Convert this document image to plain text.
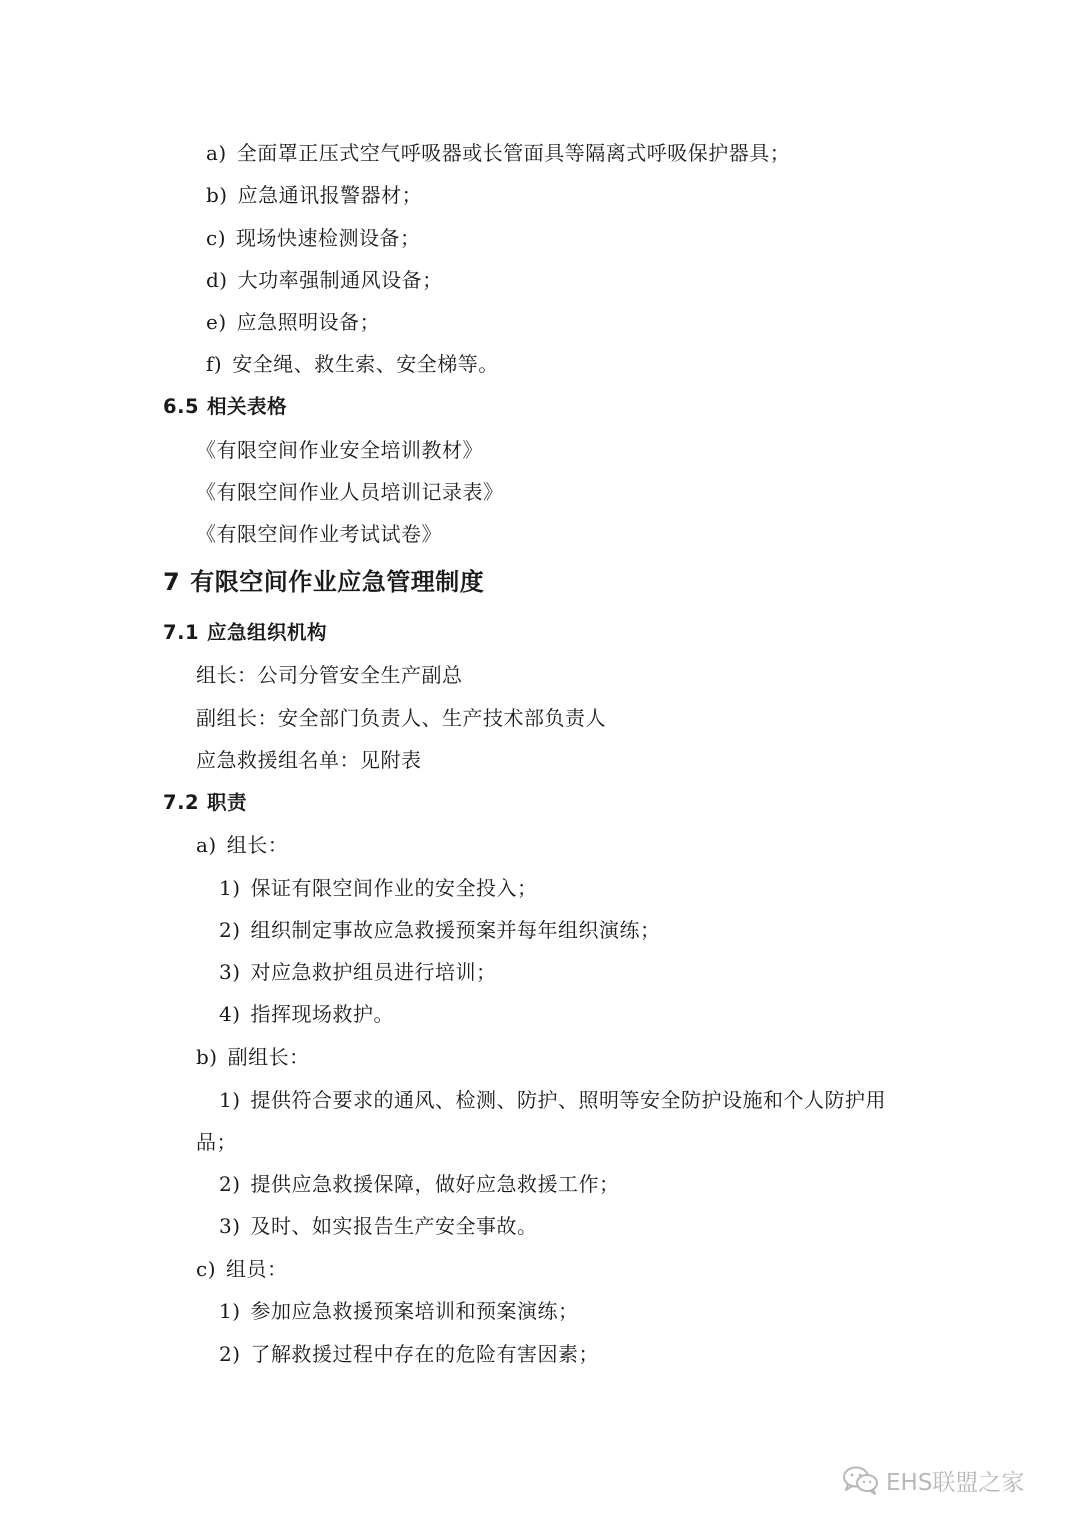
a) 全面罩正压式空气呼吸器或长管面具等隔离式呼吸保护器具；
b) 应急通讯报警器材；
c) 现场快速检测设备；
d) 大功率强制通风设备；
e) 应急照明设备；
f) 安全绳、救生索、安全梯等。
6.5 相关表格
《有限空间作业安全培训教材》
《有限空间作业人员培训记录表》
《有限空间作业考试试卷》
7 有限空间作业应急管理制度
7.1 应急组织机构
组长：公司分管安全生产副总
副组长：安全部门负责人、生产技术部负责人
应急救援组名单：见附表
7.2 职责
a) 组长：
1) 保证有限空间作业的安全投入；
2) 组织制定事故应急救援预案并每年组织演练；
3) 对应急救护组员进行培训；
4) 指挥现场救护。
b) 副组长：
1) 提供符合要求的通风、检测、防护、照明等安全防护设施和个人防护用
品；
2) 提供应急救援保障，做好应急救援工作；
3) 及时、如实报告生产安全事故。
c) 组员：
1) 参加应急救援预案培训和预案演练；
2) 了解救援过程中存在的危险有害因素；
EHS联盟之家
